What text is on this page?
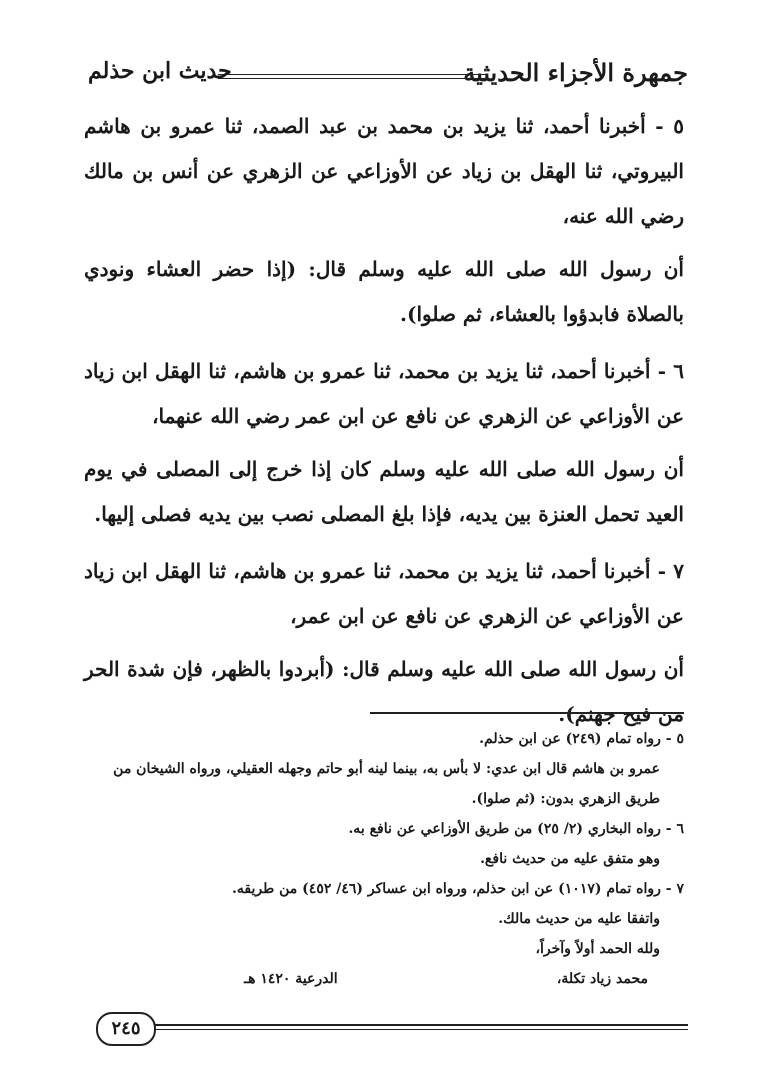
جمهرة الأجزاء الحديثية
حديث ابن حذلم

٥ - أخبرنا أحمد، ثنا يزيد بن محمد بن عبد الصمد، ثنا عمرو بن هاشم البيروتي، ثنا الهقل بن زياد عن الأوزاعي عن الزهري عن أنس بن مالك رضي الله عنه،

أن رسول الله صلى الله عليه وسلم قال: (إذا حضر العشاء ونودي بالصلاة فابدؤوا بالعشاء، ثم صلوا).

٦ - أخبرنا أحمد، ثنا يزيد بن محمد، ثنا عمرو بن هاشم، ثنا الهقل ابن زياد عن الأوزاعي عن الزهري عن نافع عن ابن عمر رضي الله عنهما،

أن رسول الله صلى الله عليه وسلم كان إذا خرج إلى المصلى في يوم العيد تحمل العنزة بين يديه، فإذا بلغ المصلى نصب بين يديه فصلى إليها.

٧ - أخبرنا أحمد، ثنا يزيد بن محمد، ثنا عمرو بن هاشم، ثنا الهقل ابن زياد عن الأوزاعي عن الزهري عن نافع عن ابن عمر،

أن رسول الله صلى الله عليه وسلم قال: (أبردوا بالظهر، فإن شدة الحر من فيح جهنم).

٥ - رواه تمام (٢٤٩) عن ابن حذلم.

عمرو بن هاشم قال ابن عدي: لا بأس به، بينما لينه أبو حاتم وجهله العقيلي، ورواه الشيخان من طريق الزهري بدون: (ثم صلوا).

٦ - رواه البخاري (٢/ ٢٥) من طريق الأوزاعي عن نافع به.

وهو متفق عليه من حديث نافع.

٧ - رواه تمام (١٠١٧) عن ابن حذلم، ورواه ابن عساكر (٤٦/ ٤٥٢) من طريقه.

واتفقا عليه من حديث مالك.

ولله الحمد أولاً وآخراً،

محمد زياد تكلة،
الدرعية ١٤٢٠ هـ
٢٤٥
